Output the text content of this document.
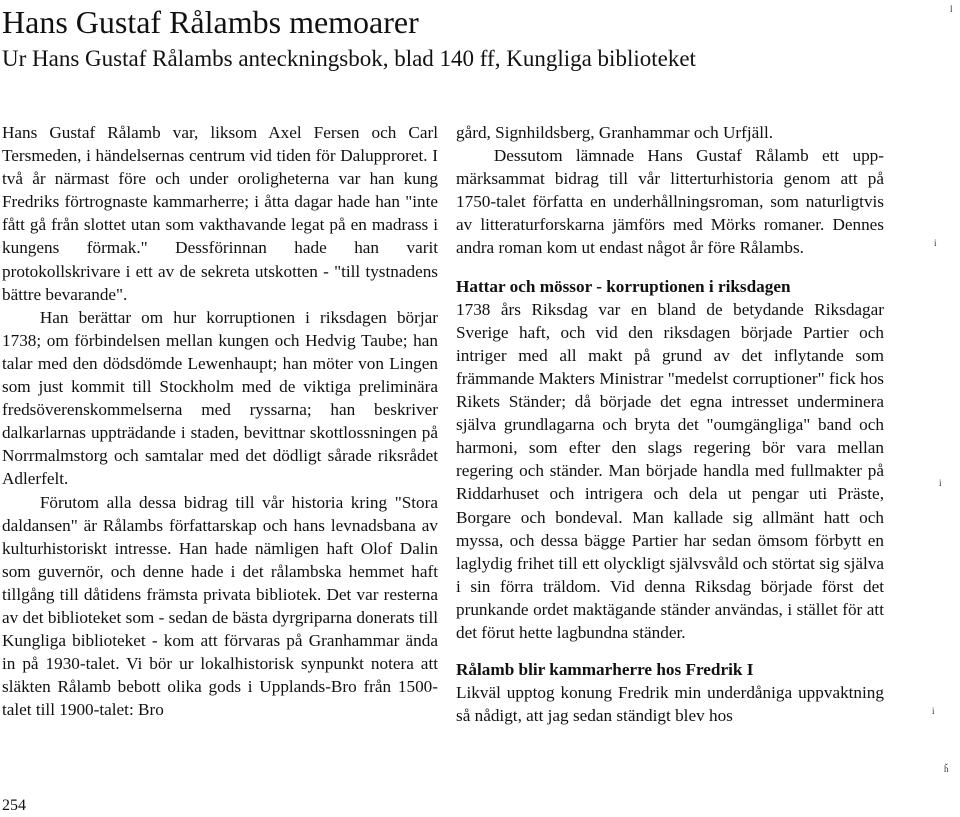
Hans Gustaf Rålambs memoarer
Ur Hans Gustaf Rålambs anteckningsbok, blad 140 ff, Kungliga biblioteket

Hans Gustaf Rålamb var, liksom Axel Fersen och Carl Tersmeden, i händelsernas centrum vid tiden för Dalupproret. I två år närmast före och under oroligheterna var han kung Fredriks förtrognaste kammarherre; i åtta dagar hade han "inte fått gå från slottet utan som vakthavande legat på en madrass i kungens förmak." Dessförinnan hade han varit protokollskrivare i ett av de sekreta utskotten - "till tystnadens bättre bevarande".

Han berättar om hur korruptionen i riksdagen börjar 1738; om förbindelsen mellan kungen och Hedvig Taube; han talar med den dödsdömde Lewenhaupt; han möter von Lingen som just kommit till Stockholm med de viktiga preliminära fredsöverenskommelserna med ryssarna; han beskriver dalkarlarnas uppträdande i staden, bevittnar skottlossningen på Norrmalmstorg och samtalar med det dödligt sårade riksrådet Adlerfelt.

Förutom alla dessa bidrag till vår historia kring "Stora daldansen" är Rålambs författarskap och hans levnadsbana av kulturhistoriskt intresse. Han hade nämligen haft Olof Dalin som guvernör, och denne hade i det rålambska hemmet haft tillgång till dåtidens främsta privata bibliotek. Det var resterna av det biblioteket som - sedan de bästa dyrgriparna donerats till Kungliga biblioteket - kom att förvaras på Granhammar ända in på 1930-talet. Vi bör ur lokalhistorisk synpunkt notera att släkten Rålamb bebott olika gods i Upplands-Bro från 1500-talet till 1900-talet: Bro

gård, Signhildsberg, Granhammar och Urfjäll.

Dessutom lämnade Hans Gustaf Rålamb ett uppmärksammat bidrag till vår litterturhistoria genom att på 1750-talet författa en underhållningsroman, som naturligtvis av litteraturforskarna jämförs med Mörks romaner. Dennes andra roman kom ut endast något år före Rålambs.

Hattar och mössor - korruptionen i riksdagen

1738 års Riksdag var en bland de betydande Riksdagar Sverige haft, och vid den riksdagen började Partier och intriger med all makt på grund av det inflytande som främmande Makters Ministrar "medelst corruptioner" fick hos Rikets Ständer; då började det egna intresset underminera själva grundlagarna och bryta det "oumgängliga" band och harmoni, som efter den slags regering bör vara mellan regering och ständer. Man började handla med fullmakter på Riddarhuset och intrigera och dela ut pengar uti Präste, Borgare och bondeval. Man kallade sig allmänt hatt och myssa, och dessa bägge Partier har sedan ömsom förbytt en laglydig frihet till ett olyckligt självsvåld och störtat sig själva i sin förra träldom. Vid denna Riksdag började först det prunkande ordet maktägande ständer användas, i stället för att det förut hette lagbundna ständer.

Rålamb blir kammarherre hos Fredrik I

Likväl upptog konung Fredrik min underdåniga uppvaktning så nådigt, att jag sedan ständigt blev hos

254
l
i
i
i
ȟ
